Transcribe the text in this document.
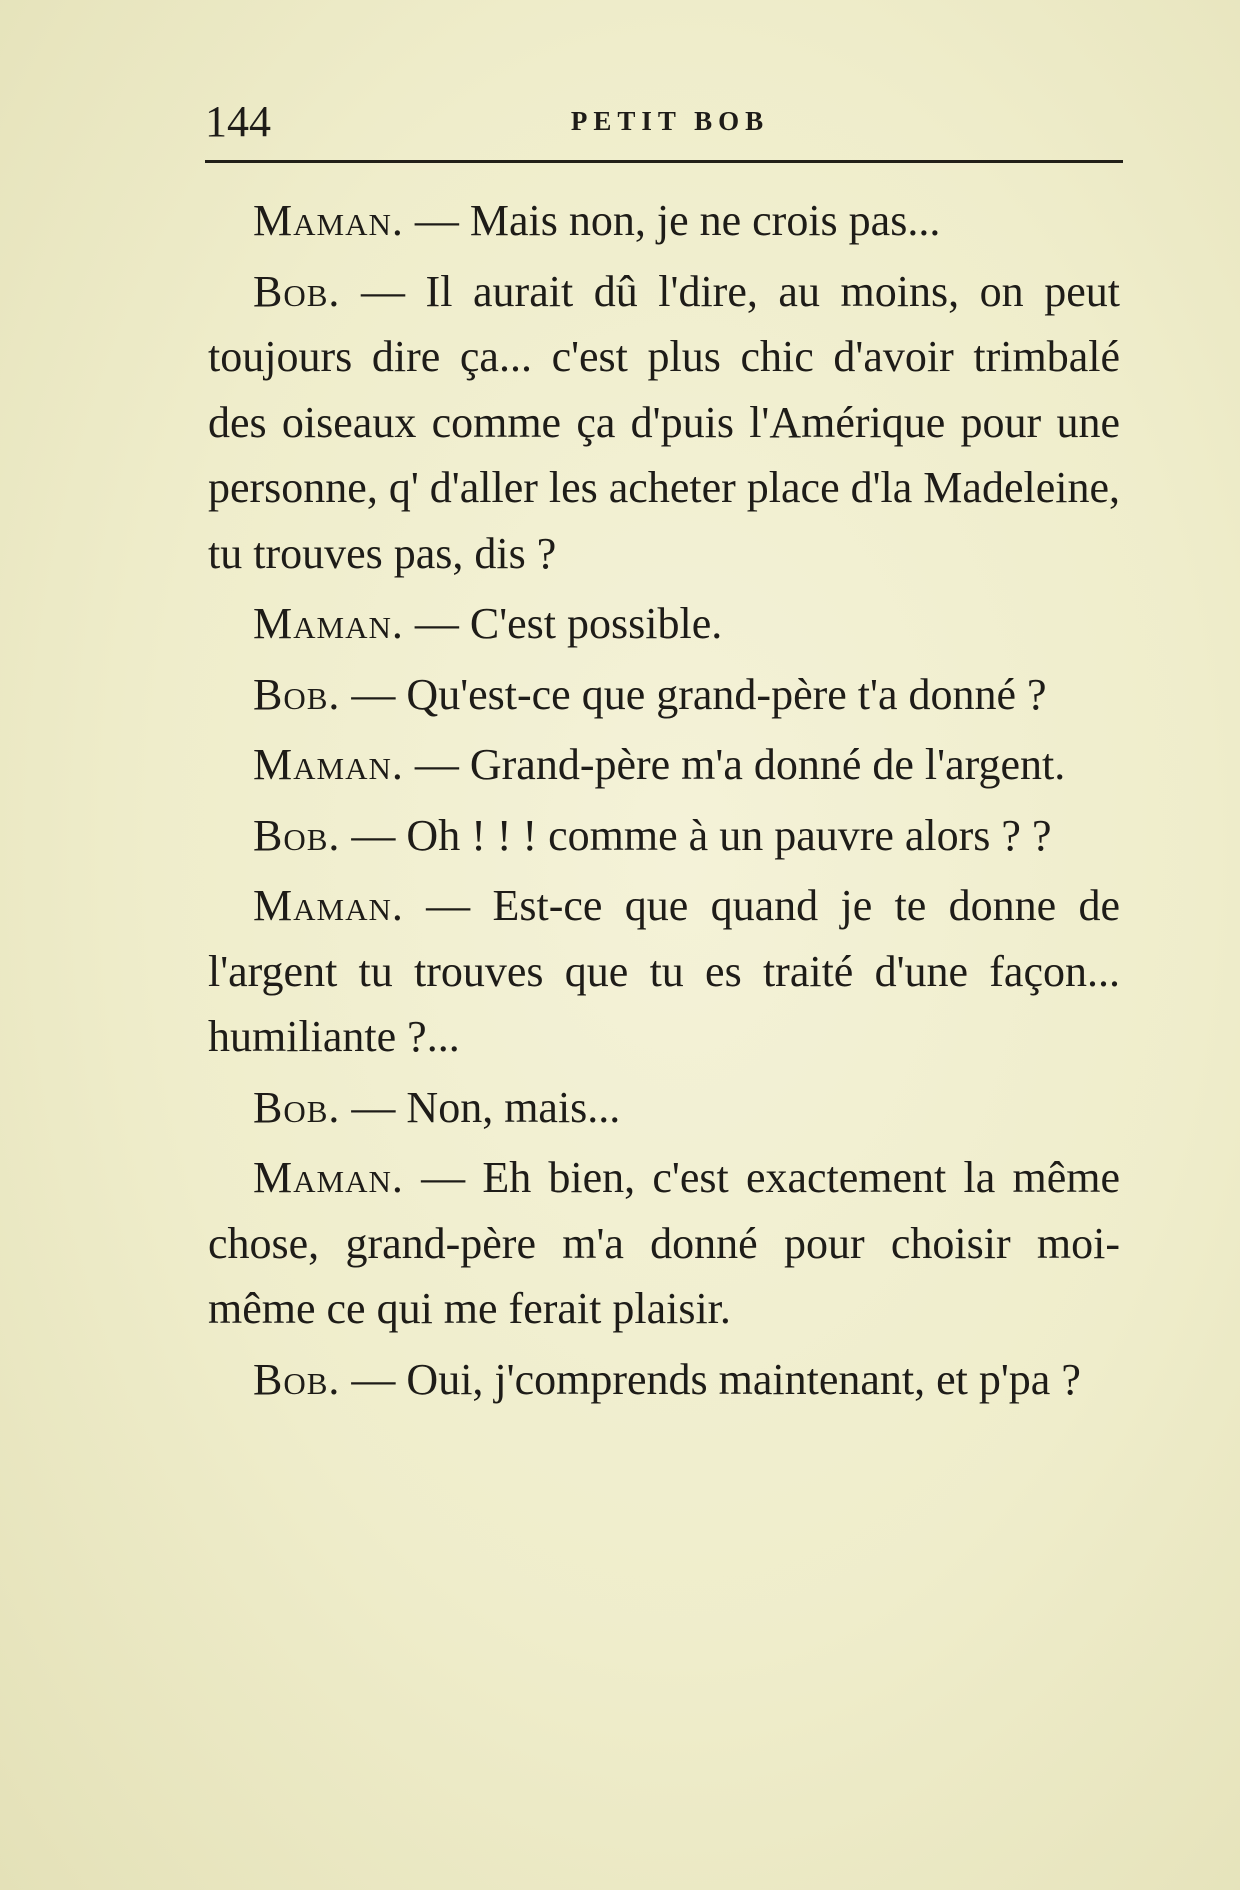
144	PETIT BOB

Maman. — Mais non, je ne crois pas...

Bob. — Il aurait dû l'dire, au moins, on peut toujours dire ça... c'est plus chic d'avoir trimbalé des oiseaux comme ça d'puis l'Amérique pour une personne, q' d'aller les acheter place d'la Madeleine, tu trouves pas, dis ?

Maman. — C'est possible.

Bob. — Qu'est-ce que grand-père t'a donné ?

Maman. — Grand-père m'a donné de l'argent.

Bob. — Oh ! ! ! comme à un pauvre alors ? ?

Maman. — Est-ce que quand je te donne de l'argent tu trouves que tu es traité d'une façon... humiliante ?...

Bob. — Non, mais...

Maman. — Eh bien, c'est exactement la même chose, grand-père m'a donné pour choisir moi-même ce qui me ferait plaisir.

Bob. — Oui, j'comprends maintenant, et p'pa ?
